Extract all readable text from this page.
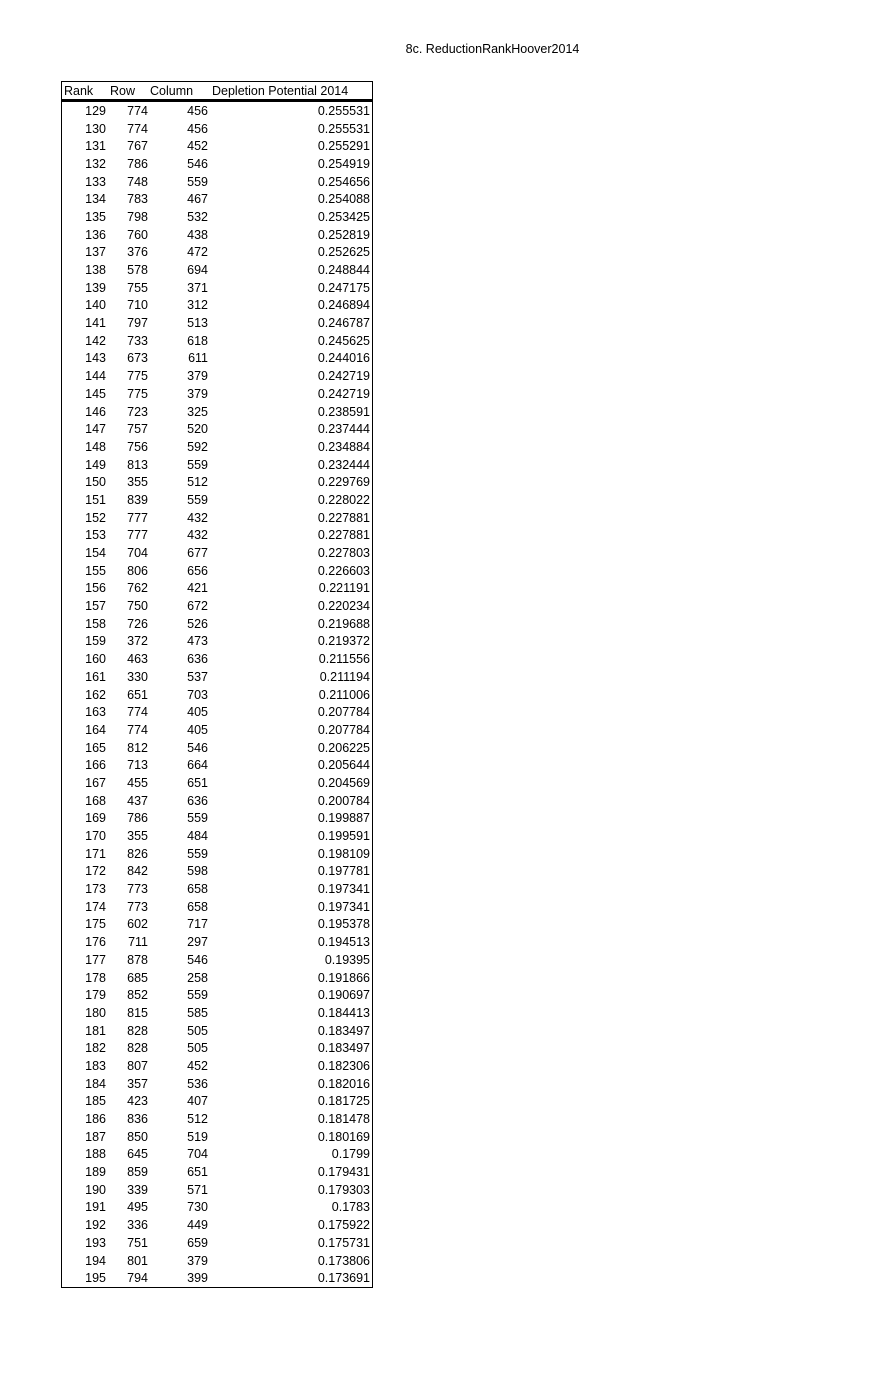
8c. ReductionRankHoover2014
Rank	Row	Column	Depletion Potential 2014
129	774	456	0.255531
130	774	456	0.255531
131	767	452	0.255291
132	786	546	0.254919
133	748	559	0.254656
134	783	467	0.254088
135	798	532	0.253425
136	760	438	0.252819
137	376	472	0.252625
138	578	694	0.248844
139	755	371	0.247175
140	710	312	0.246894
141	797	513	0.246787
142	733	618	0.245625
143	673	611	0.244016
144	775	379	0.242719
145	775	379	0.242719
146	723	325	0.238591
147	757	520	0.237444
148	756	592	0.234884
149	813	559	0.232444
150	355	512	0.229769
151	839	559	0.228022
152	777	432	0.227881
153	777	432	0.227881
154	704	677	0.227803
155	806	656	0.226603
156	762	421	0.221191
157	750	672	0.220234
158	726	526	0.219688
159	372	473	0.219372
160	463	636	0.211556
161	330	537	0.211194
162	651	703	0.211006
163	774	405	0.207784
164	774	405	0.207784
165	812	546	0.206225
166	713	664	0.205644
167	455	651	0.204569
168	437	636	0.200784
169	786	559	0.199887
170	355	484	0.199591
171	826	559	0.198109
172	842	598	0.197781
173	773	658	0.197341
174	773	658	0.197341
175	602	717	0.195378
176	711	297	0.194513
177	878	546	0.19395
178	685	258	0.191866
179	852	559	0.190697
180	815	585	0.184413
181	828	505	0.183497
182	828	505	0.183497
183	807	452	0.182306
184	357	536	0.182016
185	423	407	0.181725
186	836	512	0.181478
187	850	519	0.180169
188	645	704	0.1799
189	859	651	0.179431
190	339	571	0.179303
191	495	730	0.1783
192	336	449	0.175922
193	751	659	0.175731
194	801	379	0.173806
195	794	399	0.173691
